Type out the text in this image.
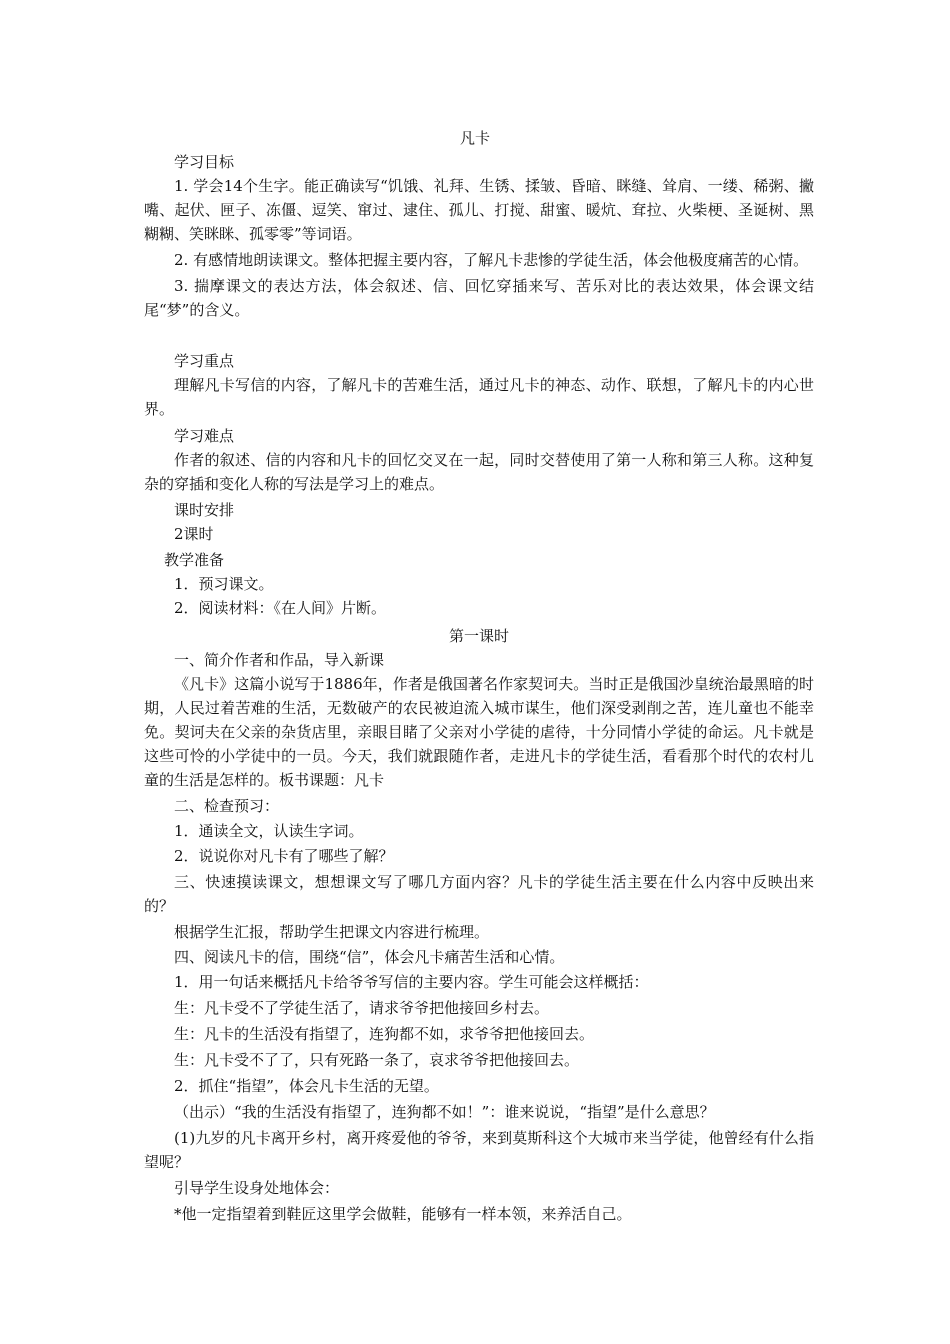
凡卡

学习目标

1. 学会14个生字。能正确读写“饥饿、礼拜、生锈、揉皱、昏暗、眯缝、耸肩、一缕、稀粥、撇嘴、起伏、匣子、冻僵、逗笑、窜过、逮住、孤儿、打搅、甜蜜、暖炕、耷拉、火柴梗、圣诞树、黑糊糊、笑眯眯、孤零零”等词语。

2. 有感情地朗读课文。整体把握主要内容，了解凡卡悲惨的学徒生活，体会他极度痛苦的心情。

3. 揣摩课文的表达方法，体会叙述、信、回忆穿插来写、苦乐对比的表达效果，体会课文结尾“梦”的含义。

学习重点

理解凡卡写信的内容，了解凡卡的苦难生活，通过凡卡的神态、动作、联想，了解凡卡的内心世界。

学习难点

作者的叙述、信的内容和凡卡的回忆交叉在一起，同时交替使用了第一人称和第三人称。这种复杂的穿插和变化人称的写法是学习上的难点。

课时安排

2课时

教学准备

1．预习课文。

2．阅读材料：《在人间》片断。

第一课时

一、简介作者和作品，导入新课

《凡卡》这篇小说写于1886年，作者是俄国著名作家契诃夫。当时正是俄国沙皇统治最黑暗的时期，人民过着苦难的生活，无数破产的农民被迫流入城市谋生，他们深受剥削之苦，连儿童也不能幸免。契诃夫在父亲的杂货店里，亲眼目睹了父亲对小学徒的虐待，十分同情小学徒的命运。凡卡就是这些可怜的小学徒中的一员。今天，我们就跟随作者，走进凡卡的学徒生活，看看那个时代的农村儿童的生活是怎样的。板书课题：凡卡

二、检查预习：

1．通读全文，认读生字词。

2．说说你对凡卡有了哪些了解？

三、快速摸读课文，想想课文写了哪几方面内容？凡卡的学徒生活主要在什么内容中反映出来的？

根据学生汇报，帮助学生把课文内容进行梳理。

四、阅读凡卡的信，围绕“信”，体会凡卡痛苦生活和心情。

1．用一句话来概括凡卡给爷爷写信的主要内容。学生可能会这样概括：

生：凡卡受不了学徒生活了，请求爷爷把他接回乡村去。

生：凡卡的生活没有指望了，连狗都不如，求爷爷把他接回去。

生：凡卡受不了了，只有死路一条了，哀求爷爷把他接回去。

2．抓住“指望”，体会凡卡生活的无望。

（出示）“我的生活没有指望了，连狗都不如！”：谁来说说，“指望”是什么意思？

(1)九岁的凡卡离开乡村，离开疼爱他的爷爷，来到莫斯科这个大城市来当学徒，他曾经有什么指望呢？

引导学生设身处地体会：

*他一定指望着到鞋匠这里学会做鞋，能够有一样本领，来养活自己。
